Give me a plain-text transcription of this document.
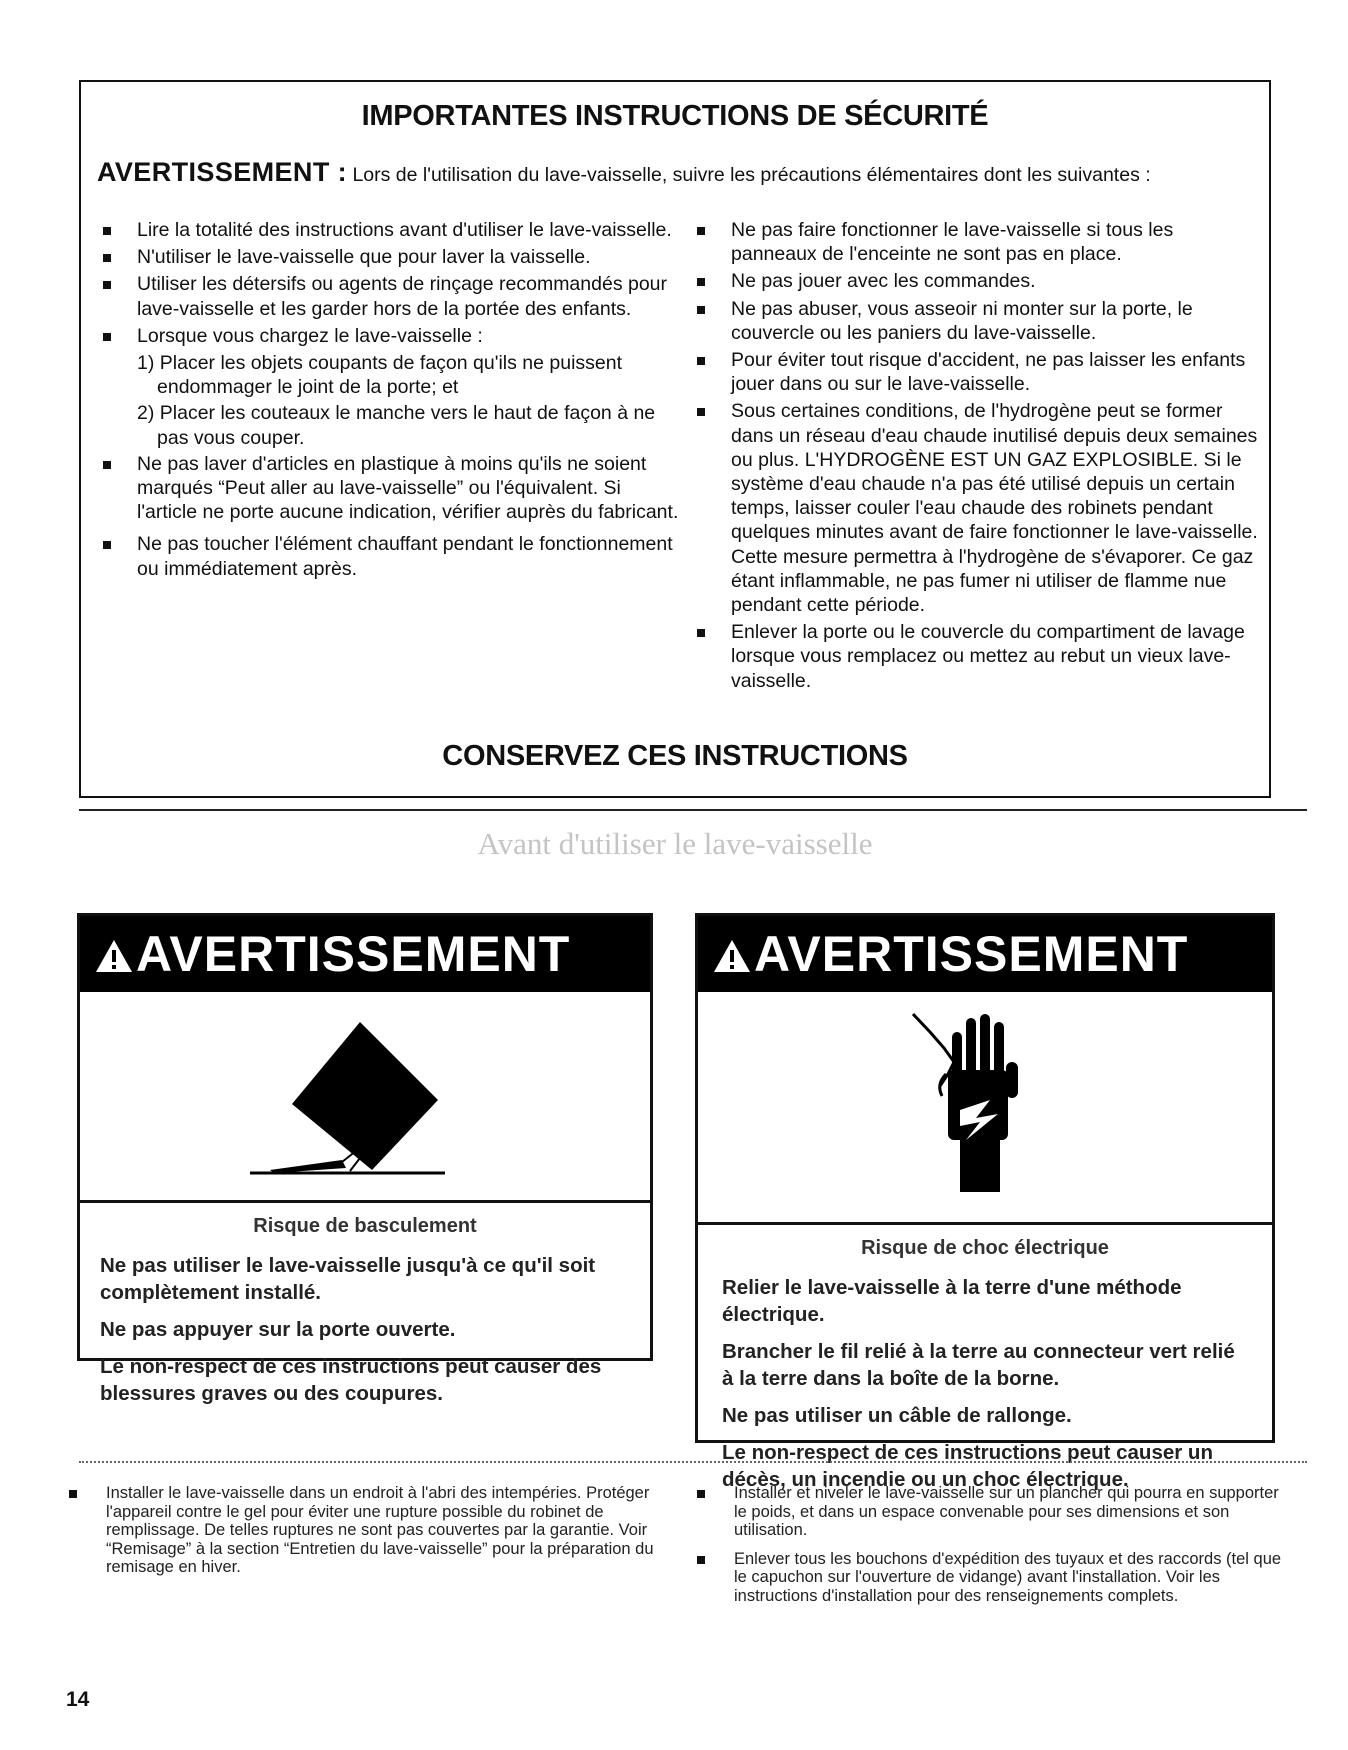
IMPORTANTES INSTRUCTIONS DE SÉCURITÉ
AVERTISSEMENT : Lors de l'utilisation du lave-vaisselle, suivre les précautions élémentaires dont les suivantes :
Lire la totalité des instructions avant d'utiliser le lave-vaisselle.
N'utiliser le lave-vaisselle que pour laver la vaisselle.
Utiliser les détersifs ou agents de rinçage recommandés pour lave-vaisselle et les garder hors de la portée des enfants.
Lorsque vous chargez le lave-vaisselle :
1) Placer les objets coupants de façon qu'ils ne puissent endommager le joint de la porte; et
2) Placer les couteaux le manche vers le haut de façon à ne pas vous couper.
Ne pas laver d'articles en plastique à moins qu'ils ne soient marqués “Peut aller au lave-vaisselle” ou l'équivalent. Si l'article ne porte aucune indication, vérifier auprès du fabricant.
Ne pas toucher l'élément chauffant pendant le fonctionnement ou immédiatement après.
Ne pas faire fonctionner le lave-vaisselle si tous les panneaux de l'enceinte ne sont pas en place.
Ne pas jouer avec les commandes.
Ne pas abuser, vous asseoir ni monter sur la porte, le couvercle ou les paniers du lave-vaisselle.
Pour éviter tout risque d'accident, ne pas laisser les enfants jouer dans ou sur le lave-vaisselle.
Sous certaines conditions, de l'hydrogène peut se former dans un réseau d'eau chaude inutilisé depuis deux semaines ou plus. L'HYDROGÈNE EST UN GAZ EXPLOSIBLE. Si le système d'eau chaude n'a pas été utilisé depuis un certain temps, laisser couler l'eau chaude des robinets pendant quelques minutes avant de faire fonctionner le lave-vaisselle. Cette mesure permettra à l'hydrogène de s'évaporer. Ce gaz étant inflammable, ne pas fumer ni utiliser de flamme nue pendant cette période.
Enlever la porte ou le couvercle du compartiment de lavage lorsque vous remplacez ou mettez au rebut un vieux lave-vaisselle.
CONSERVEZ CES INSTRUCTIONS
Avant d'utiliser le lave-vaisselle
AVERTISSEMENT
Risque de basculement

Ne pas utiliser le lave-vaisselle jusqu'à ce qu'il soit complètement installé.

Ne pas appuyer sur la porte ouverte.

Le non-respect de ces instructions peut causer des blessures graves ou des coupures.

AVERTISSEMENT
Risque de choc électrique

Relier le lave-vaisselle à la terre d'une méthode électrique.

Brancher le fil relié à la terre au connecteur vert relié à la terre dans la boîte de la borne.

Ne pas utiliser un câble de rallonge.

Le non-respect de ces instructions peut causer un décès, un incendie ou un choc électrique.

Installer le lave-vaisselle dans un endroit à l'abri des intempéries. Protéger l'appareil contre le gel pour éviter une rupture possible du robinet de remplissage. De telles ruptures ne sont pas couvertes par la garantie. Voir “Remisage” à la section “Entretien du lave-vaisselle” pour la préparation du remisage en hiver.
Installer et niveler le lave-vaisselle sur un plancher qui pourra en supporter le poids, et dans un espace convenable pour ses dimensions et son utilisation.
Enlever tous les bouchons d'expédition des tuyaux et des raccords (tel que le capuchon sur l'ouverture de vidange) avant l'installation. Voir les instructions d'installation pour des renseignements complets.
14
